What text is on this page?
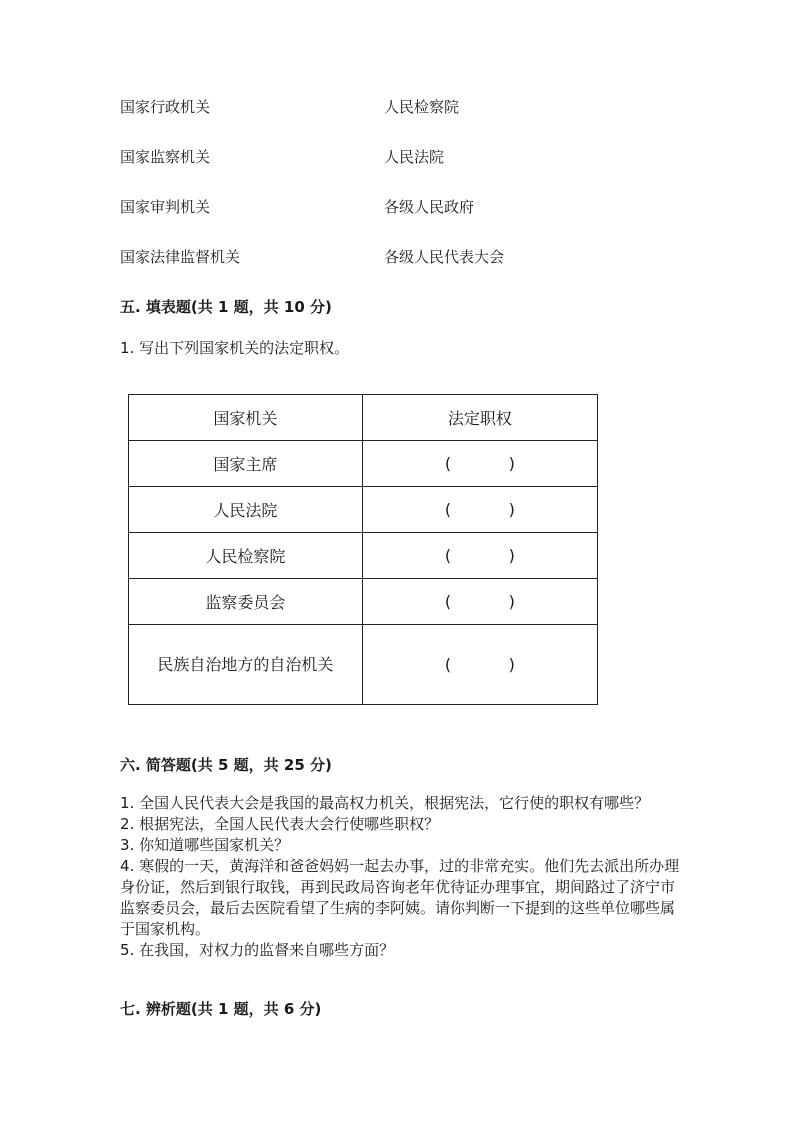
国家行政机关	人民检察院
国家监察机关	人民法院
国家审判机关	各级人民政府
国家法律监督机关	各级人民代表大会
五. 填表题(共 1 题，共 10 分)
1. 写出下列国家机关的法定职权。
国家机关	法定职权
国家主席	( )

人民法院	( )

人民检察院	( )

监察委员会	( )

民族自治地方的自治机关	( )
六. 简答题(共 5 题，共 25 分)
1. 全国人民代表大会是我国的最高权力机关，根据宪法，它行使的职权有哪些？
2. 根据宪法，全国人民代表大会行使哪些职权？
3. 你知道哪些国家机关？
4. 寒假的一天，黄海洋和爸爸妈妈一起去办事，过的非常充实。他们先去派出所办理身份证，然后到银行取钱，再到民政局咨询老年优待证办理事宜，期间路过了济宁市监察委员会，最后去医院看望了生病的李阿姨。请你判断一下提到的这些单位哪些属于国家机构。
5. 在我国，对权力的监督来自哪些方面？
七. 辨析题(共 1 题，共 6 分)
